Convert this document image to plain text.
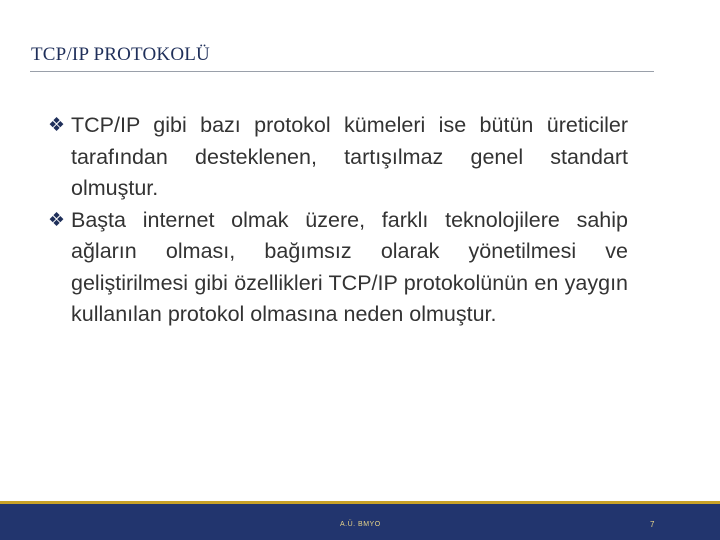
TCP/IP PROTOKOLÜ
❖ TCP/IP gibi bazı protokol kümeleri ise bütün üreticiler tarafından desteklenen, tartışılmaz genel standart olmuştur.
❖ Başta internet olmak üzere, farklı teknolojilere sahip ağların olması, bağımsız olarak yönetilmesi ve geliştirilmesi gibi özellikleri TCP/IP protokolünün en yaygın kullanılan protokol olmasına neden olmuştur.
A.Ü. BMYO	7
